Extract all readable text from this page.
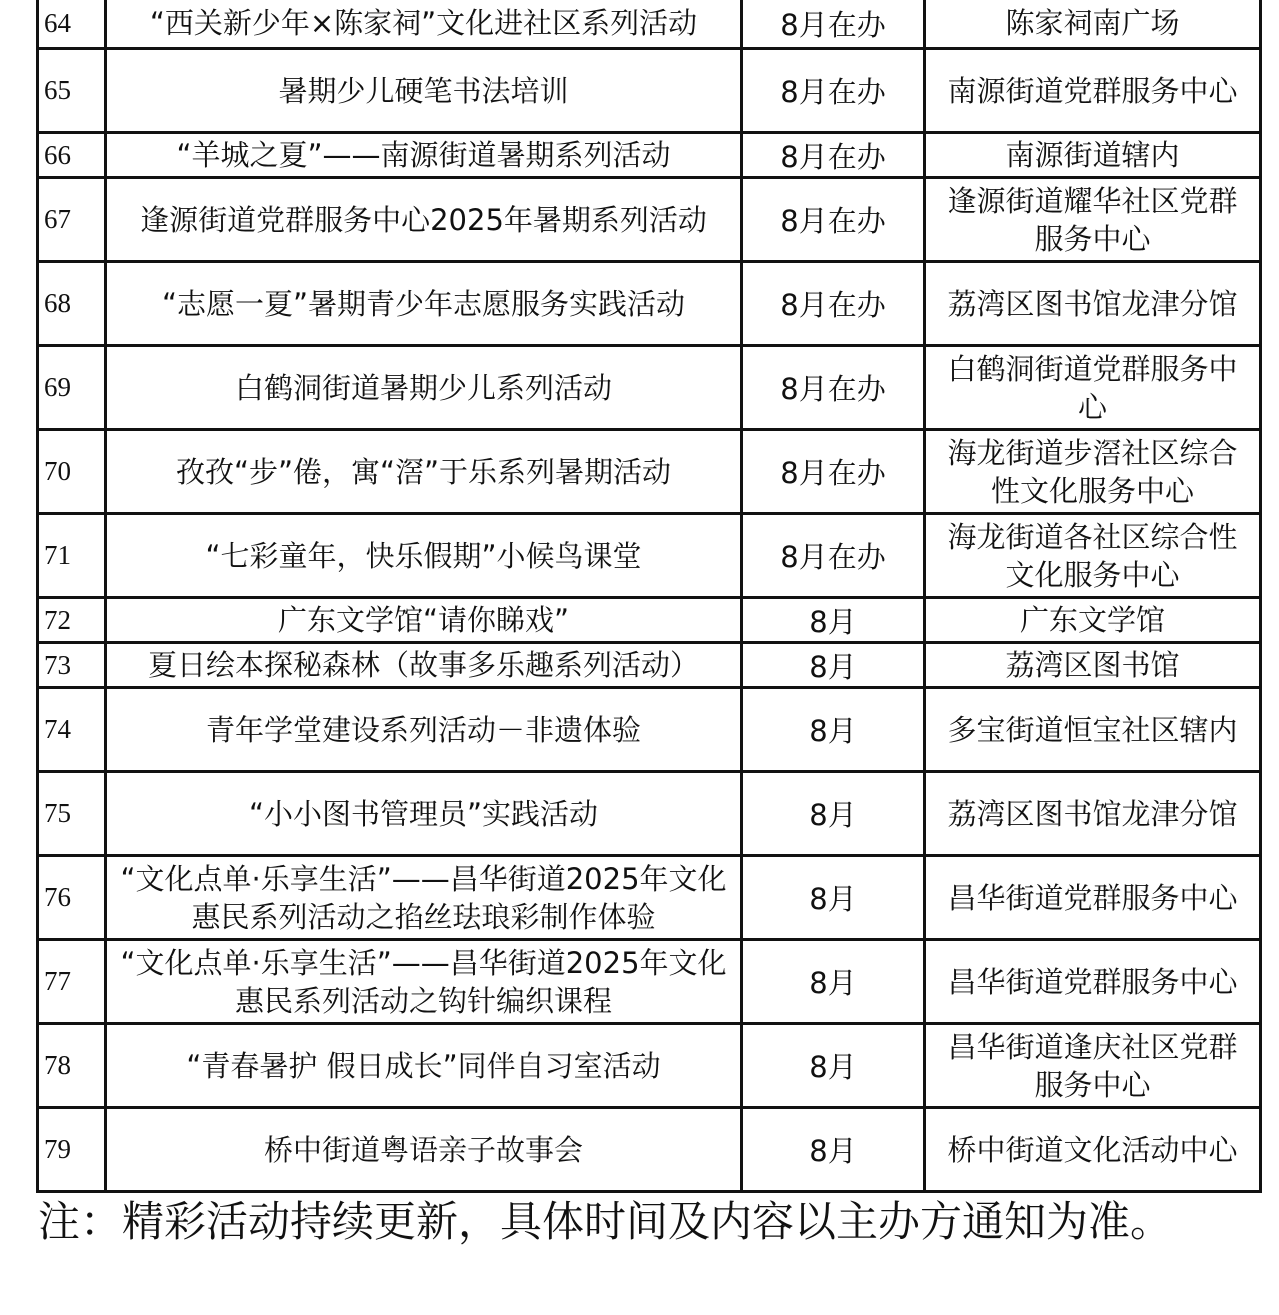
64	“西关新少年×陈家祠”文化进社区系列活动	8月在办	陈家祠南广场

65	暑期少儿硬笔书法培训	8月在办	南源街道党群服务中心

66	“羊城之夏”——南源街道暑期系列活动	8月在办	南源街道辖内

67	逢源街道党群服务中心2025年暑期系列活动	8月在办	逢源街道耀华社区党群服务中心

68	“志愿一夏”暑期青少年志愿服务实践活动	8月在办	荔湾区图书馆龙津分馆

69	白鹤洞街道暑期少儿系列活动	8月在办	白鹤洞街道党群服务中心

70	孜孜“步”倦，寓“滘”于乐系列暑期活动	8月在办	海龙街道步滘社区综合性文化服务中心

71	“七彩童年，快乐假期”小候鸟课堂	8月在办	海龙街道各社区综合性文化服务中心

72	广东文学馆“请你睇戏”	8月	广东文学馆

73	夏日绘本探秘森林（故事多乐趣系列活动）	8月	荔湾区图书馆

74	青年学堂建设系列活动－非遗体验	8月	多宝街道恒宝社区辖内

75	“小小图书管理员”实践活动	8月	荔湾区图书馆龙津分馆

76	“文化点单·乐享生活”——昌华街道2025年文化惠民系列活动之掐丝珐琅彩制作体验	8月	昌华街道党群服务中心

77	“文化点单·乐享生活”——昌华街道2025年文化惠民系列活动之钩针编织课程	8月	昌华街道党群服务中心

78	“青春暑护 假日成长”同伴自习室活动	8月	昌华街道逢庆社区党群服务中心

79	桥中街道粤语亲子故事会	8月	桥中街道文化活动中心
注：精彩活动持续更新，具体时间及内容以主办方通知为准。
